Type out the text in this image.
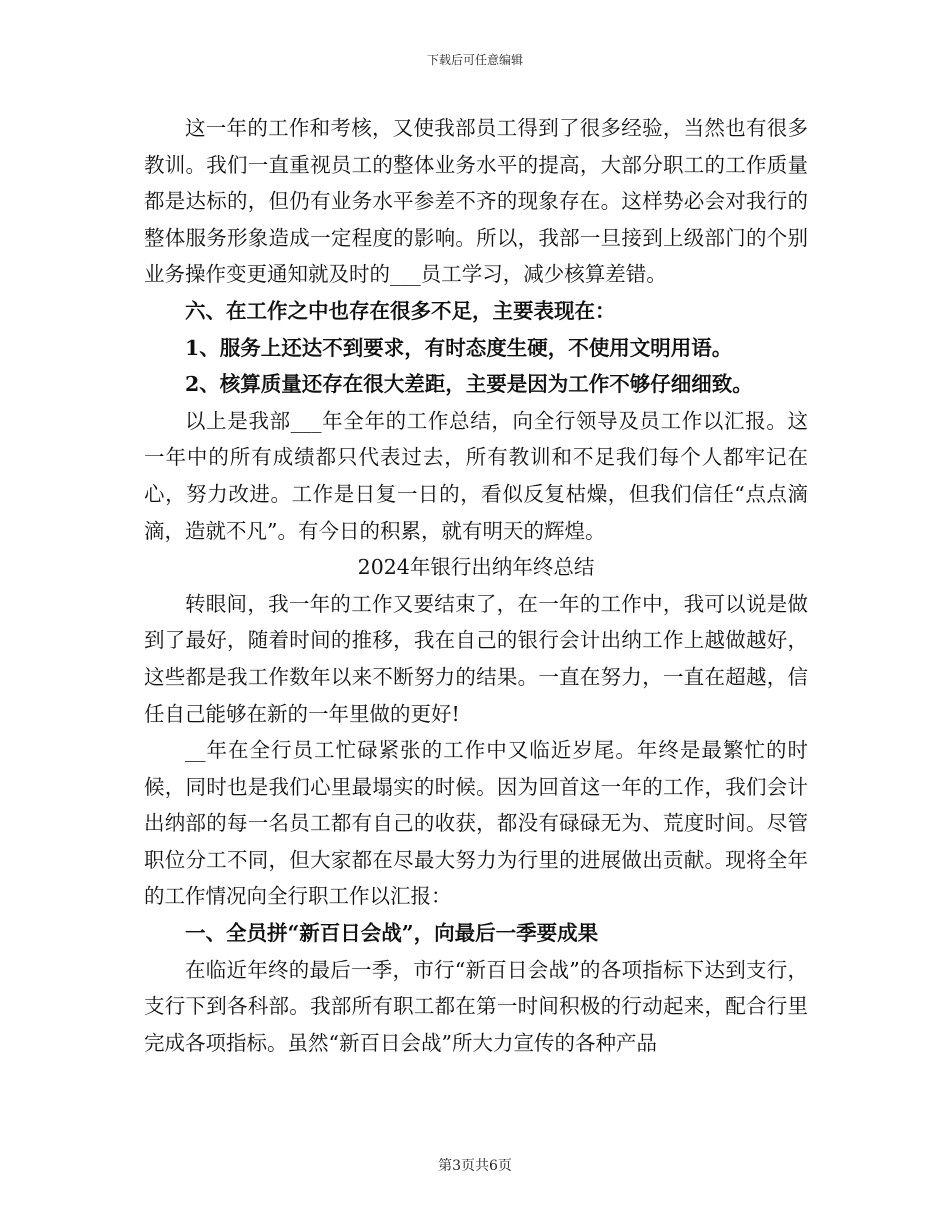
下载后可任意编辑

这一年的工作和考核，又使我部员工得到了很多经验，当然也有很多教训。我们一直重视员工的整体业务水平的提高，大部分职工的工作质量都是达标的，但仍有业务水平参差不齐的现象存在。这样势必会对我行的整体服务形象造成一定程度的影响。所以，我部一旦接到上级部门的个别业务操作变更通知就及时的___员工学习，减少核算差错。

六、在工作之中也存在很多不足，主要表现在：

1、服务上还达不到要求，有时态度生硬，不使用文明用语。

2、核算质量还存在很大差距，主要是因为工作不够仔细细致。

以上是我部___年全年的工作总结，向全行领导及员工作以汇报。这一年中的所有成绩都只代表过去，所有教训和不足我们每个人都牢记在心，努力改进。工作是日复一日的，看似反复枯燥，但我们信任“点点滴滴，造就不凡”。有今日的积累，就有明天的辉煌。

2024年银行出纳年终总结

转眼间，我一年的工作又要结束了，在一年的工作中，我可以说是做到了最好，随着时间的推移，我在自己的银行会计出纳工作上越做越好，这些都是我工作数年以来不断努力的结果。一直在努力，一直在超越，信任自己能够在新的一年里做的更好!

__年在全行员工忙碌紧张的工作中又临近岁尾。年终是最繁忙的时候，同时也是我们心里最塌实的时候。因为回首这一年的工作，我们会计出纳部的每一名员工都有自己的收获，都没有碌碌无为、荒度时间。尽管职位分工不同，但大家都在尽最大努力为行里的进展做出贡献。现将全年的工作情况向全行职工作以汇报：

一、全员拼“新百日会战”，向最后一季要成果

在临近年终的最后一季，市行“新百日会战”的各项指标下达到支行，支行下到各科部。我部所有职工都在第一时间积极的行动起来，配合行里完成各项指标。虽然“新百日会战”所大力宣传的各种产品

第3页共6页
